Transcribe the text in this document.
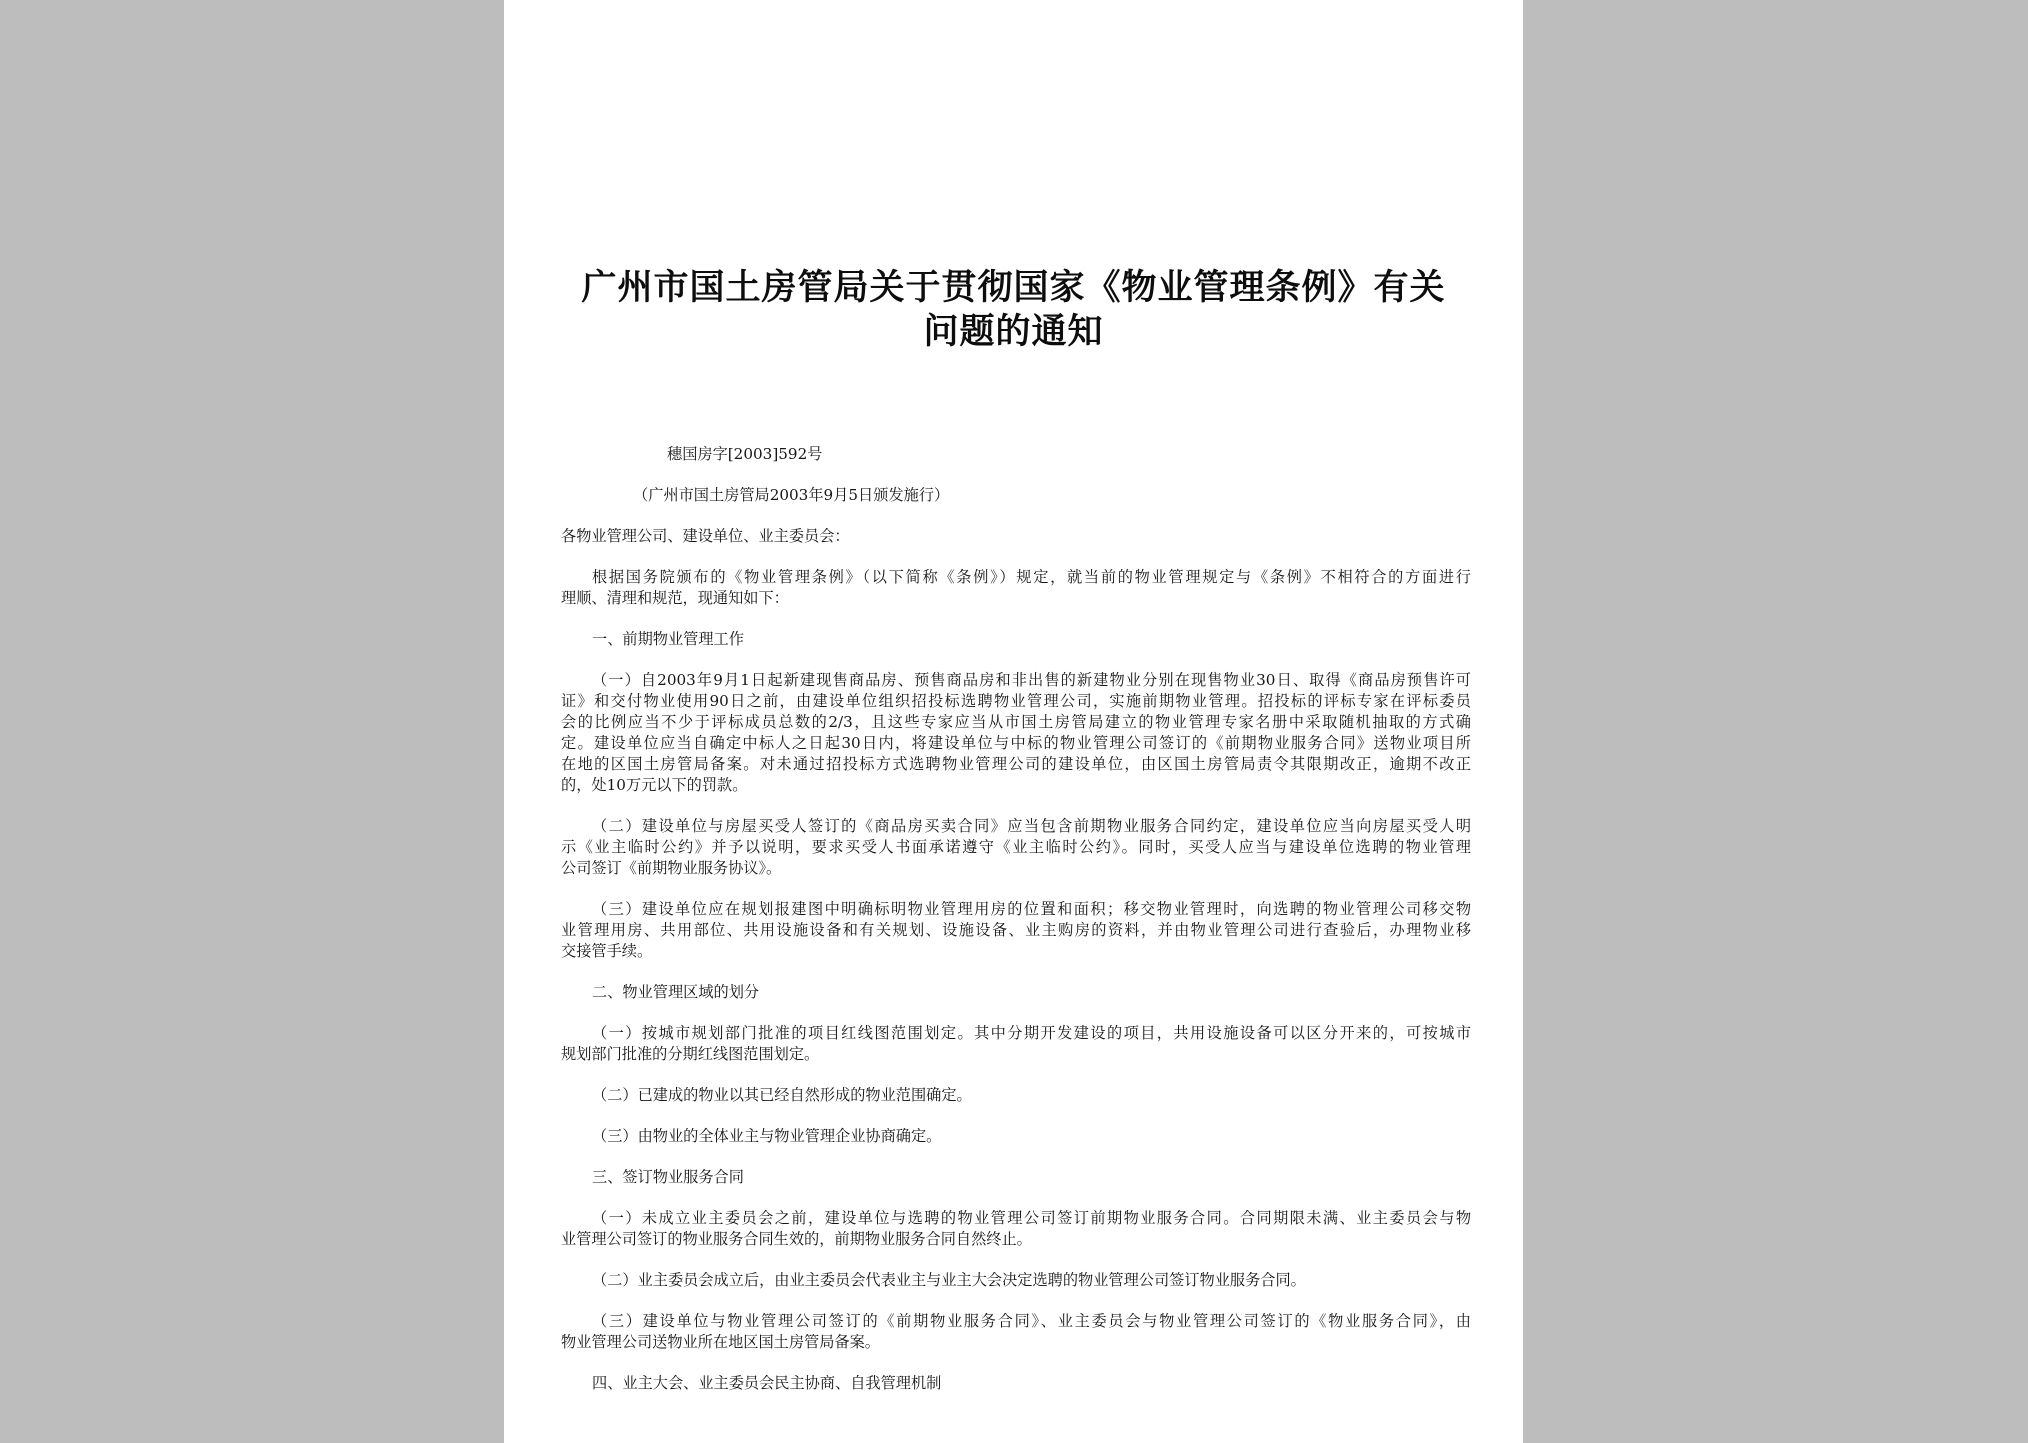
广州市国土房管局关于贯彻国家《物业管理条例》有关
问题的通知
穗国房字[2003]592号
（广州市国土房管局2003年9月5日颁发施行）
各物业管理公司、建设单位、业主委员会：
根据国务院颁布的《物业管理条例》（以下简称《条例》）规定，就当前的物业管理规定与《条例》不相符合的方面进行
理顺、清理和规范，现通知如下：
一、前期物业管理工作
（一）自2003年9月1日起新建现售商品房、预售商品房和非出售的新建物业分别在现售物业30日、取得《商品房预售许可
证》和交付物业使用90日之前，由建设单位组织招投标选聘物业管理公司，实施前期物业管理。招投标的评标专家在评标委员
会的比例应当不少于评标成员总数的2/3，且这些专家应当从市国土房管局建立的物业管理专家名册中采取随机抽取的方式确
定。建设单位应当自确定中标人之日起30日内，将建设单位与中标的物业管理公司签订的《前期物业服务合同》送物业项目所
在地的区国土房管局备案。对未通过招投标方式选聘物业管理公司的建设单位，由区国土房管局责令其限期改正，逾期不改正
的，处10万元以下的罚款。
（二）建设单位与房屋买受人签订的《商品房买卖合同》应当包含前期物业服务合同约定，建设单位应当向房屋买受人明
示《业主临时公约》并予以说明，要求买受人书面承诺遵守《业主临时公约》。同时，买受人应当与建设单位选聘的物业管理
公司签订《前期物业服务协议》。
（三）建设单位应在规划报建图中明确标明物业管理用房的位置和面积；移交物业管理时，向选聘的物业管理公司移交物
业管理用房、共用部位、共用设施设备和有关规划、设施设备、业主购房的资料，并由物业管理公司进行查验后，办理物业移
交接管手续。
二、物业管理区域的划分
（一）按城市规划部门批准的项目红线图范围划定。其中分期开发建设的项目，共用设施设备可以区分开来的，可按城市
规划部门批准的分期红线图范围划定。
（二）已建成的物业以其已经自然形成的物业范围确定。
（三）由物业的全体业主与物业管理企业协商确定。
三、签订物业服务合同
（一）未成立业主委员会之前，建设单位与选聘的物业管理公司签订前期物业服务合同。合同期限未满、业主委员会与物
业管理公司签订的物业服务合同生效的，前期物业服务合同自然终止。
（二）业主委员会成立后，由业主委员会代表业主与业主大会决定选聘的物业管理公司签订物业服务合同。
（三）建设单位与物业管理公司签订的《前期物业服务合同》、业主委员会与物业管理公司签订的《物业服务合同》，由
物业管理公司送物业所在地区国土房管局备案。
四、业主大会、业主委员会民主协商、自我管理机制
